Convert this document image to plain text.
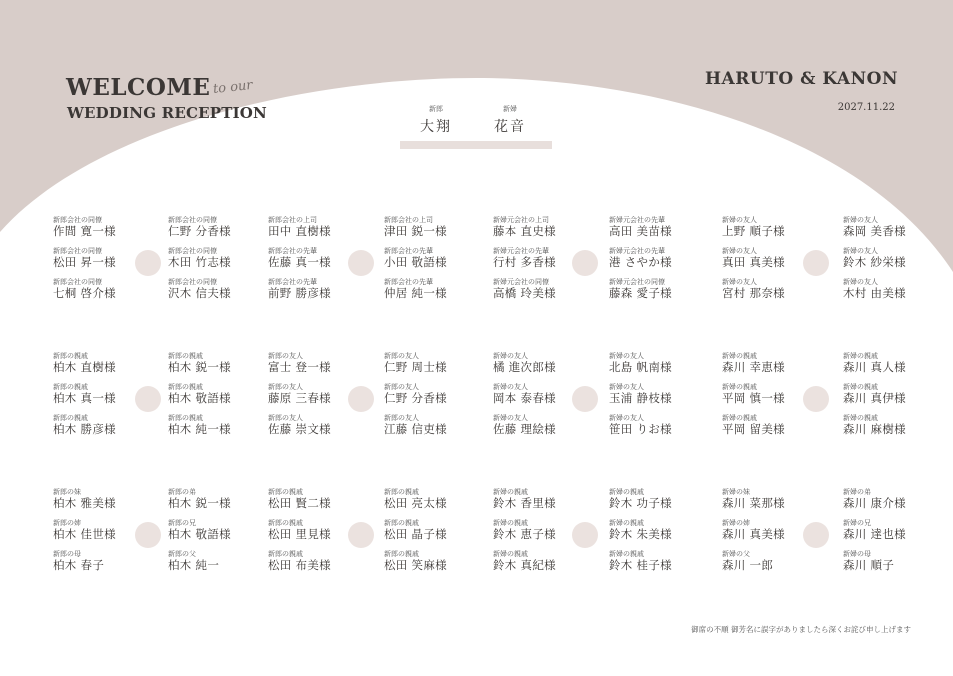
WELCOME to our
WEDDING RECEPTION
HARUTO & KANON
2027.11.22
新郎
大翔
新婦
花音
新郎会社の同僚
作間 寛一様
新郎会社の同僚
松田 昇一様
新郎会社の同僚
七桐 啓介様
新郎会社の同僚
仁野 分香様
新郎会社の同僚
木田 竹志様
新郎会社の同僚
沢木 信夫様
新郎会社の上司
田中 直樹様
新郎会社の先輩
佐藤 真一様
新郎会社の先輩
前野 勝彦様
新郎会社の上司
津田 鋭一様
新郎会社の先輩
小田 敬語様
新郎会社の先輩
仲居 純一様
新婦元会社の上司
藤本 直史様
新婦元会社の先輩
行村 多香様
新婦元会社の同僚
高橋 玲美様
新婦元会社の先輩
高田 美苗様
新婦元会社の先輩
港 さやか様
新婦元会社の同僚
藤森 愛子様
新婦の友人
上野 順子様
新婦の友人
真田 真美様
新婦の友人
宮村 那奈様
新婦の友人
森岡 美香様
新婦の友人
鈴木 紗栄様
新婦の友人
木村 由美様
新郎の親戚
柏木 直樹様
新郎の親戚
柏木 真一様
新郎の親戚
柏木 勝彦様
新郎の親戚
柏木 鋭一様
新郎の親戚
柏木 敬語様
新郎の親戚
柏木 純一様
新郎の友人
富士 登一様
新郎の友人
藤原 三春様
新郎の友人
佐藤 崇文様
新郎の友人
仁野 周士様
新郎の友人
仁野 分香様
新郎の友人
江藤 信吏様
新婦の友人
橘 進次郎様
新婦の友人
岡本 泰春様
新婦の友人
佐藤 理絵様
新婦の友人
北島 帆南様
新婦の友人
玉浦 静枝様
新婦の友人
笹田 りお様
新婦の親戚
森川 幸恵様
新婦の親戚
平岡 慎一様
新婦の親戚
平岡 留美様
新婦の親戚
森川 真人様
新婦の親戚
森川 真伊様
新婦の親戚
森川 麻樹様
新郎の妹
柏木 雅美様
新郎の姉
柏木 佳世様
新郎の母
柏木 春子
新郎の弟
柏木 鋭一様
新郎の兄
柏木 敬語様
新郎の父
柏木 純一
新郎の親戚
松田 賢二様
新郎の親戚
松田 里見様
新郎の親戚
松田 布美様
新郎の親戚
松田 亮太様
新郎の親戚
松田 晶子様
新郎の親戚
松田 笑麻様
新婦の親戚
鈴木 香里様
新婦の親戚
鈴木 恵子様
新婦の親戚
鈴木 真紀様
新婦の親戚
鈴木 功子様
新婦の親戚
鈴木 朱美様
新婦の親戚
鈴木 桂子様
新婦の妹
森川 菜那様
新婦の姉
森川 真美様
新婦の父
森川 一郎
新婦の弟
森川 康介様
新婦の兄
森川 達也様
新婦の母
森川 順子
御席の不順 御芳名に誤字がありましたら深くお詫び申し上げます
